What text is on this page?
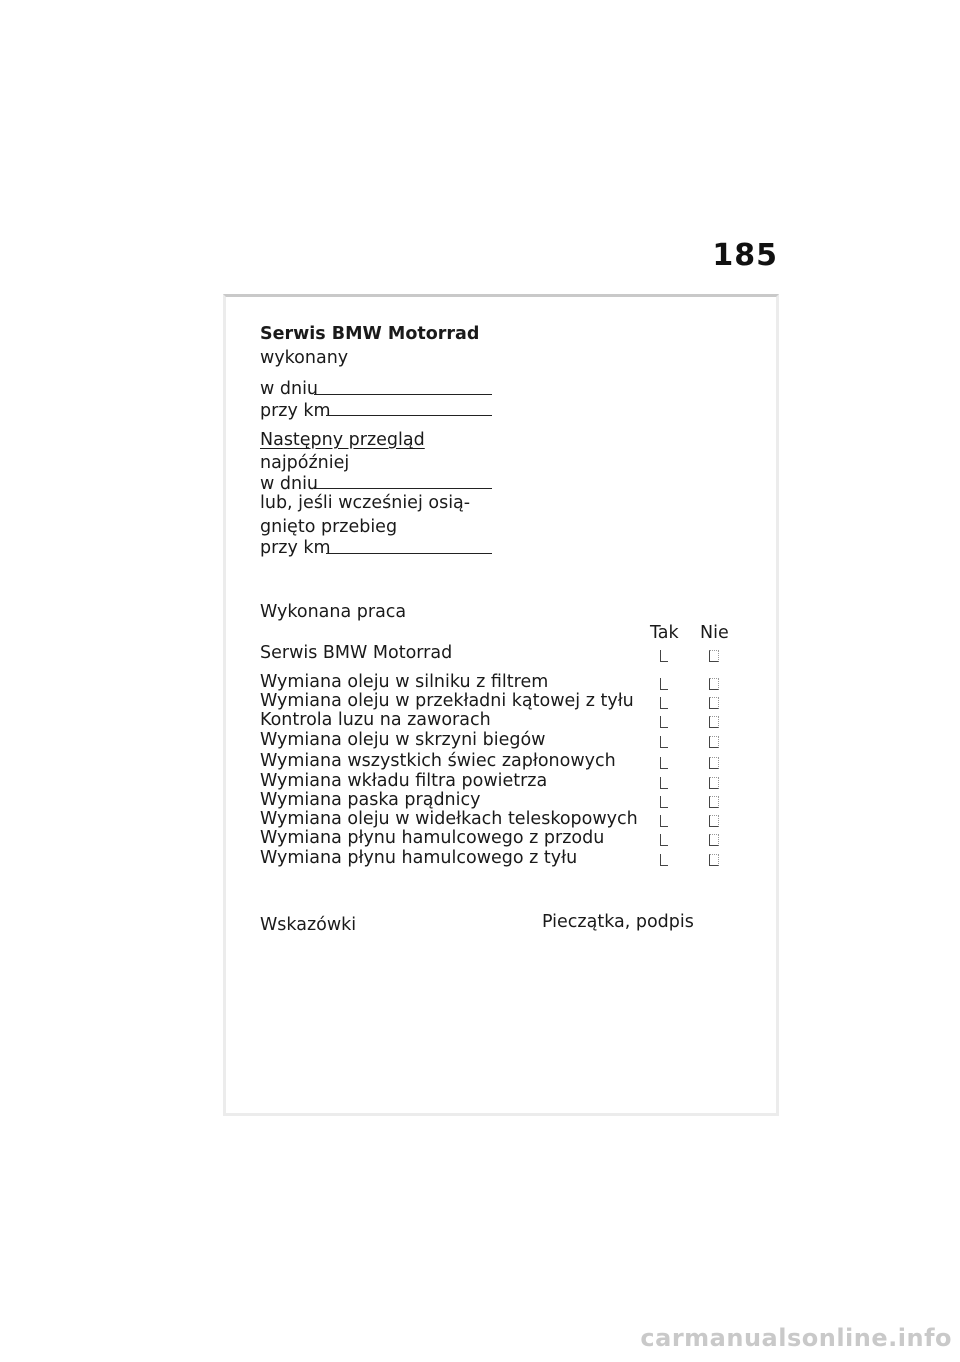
185
Serwis BMW Motorrad
wykonany
w dniu
przy km
Następny przegląd
najpóźniej
w dniu
lub, jeśli wcześniej osią-
gnięto przebieg
przy km
Wykonana praca
Tak Nie
Serwis BMW Motorrad
Wymiana oleju w silniku z filtrem
Wymiana oleju w przekładni kątowej z tyłu
Kontrola luzu na zaworach
Wymiana oleju w skrzyni biegów
Wymiana wszystkich świec zapłonowych
Wymiana wkładu filtra powietrza
Wymiana paska prądnicy
Wymiana oleju w widełkach teleskopowych
Wymiana płynu hamulcowego z przodu
Wymiana płynu hamulcowego z tyłu
Wskazówki	Pieczątka, podpis
carmanualsonline.info
